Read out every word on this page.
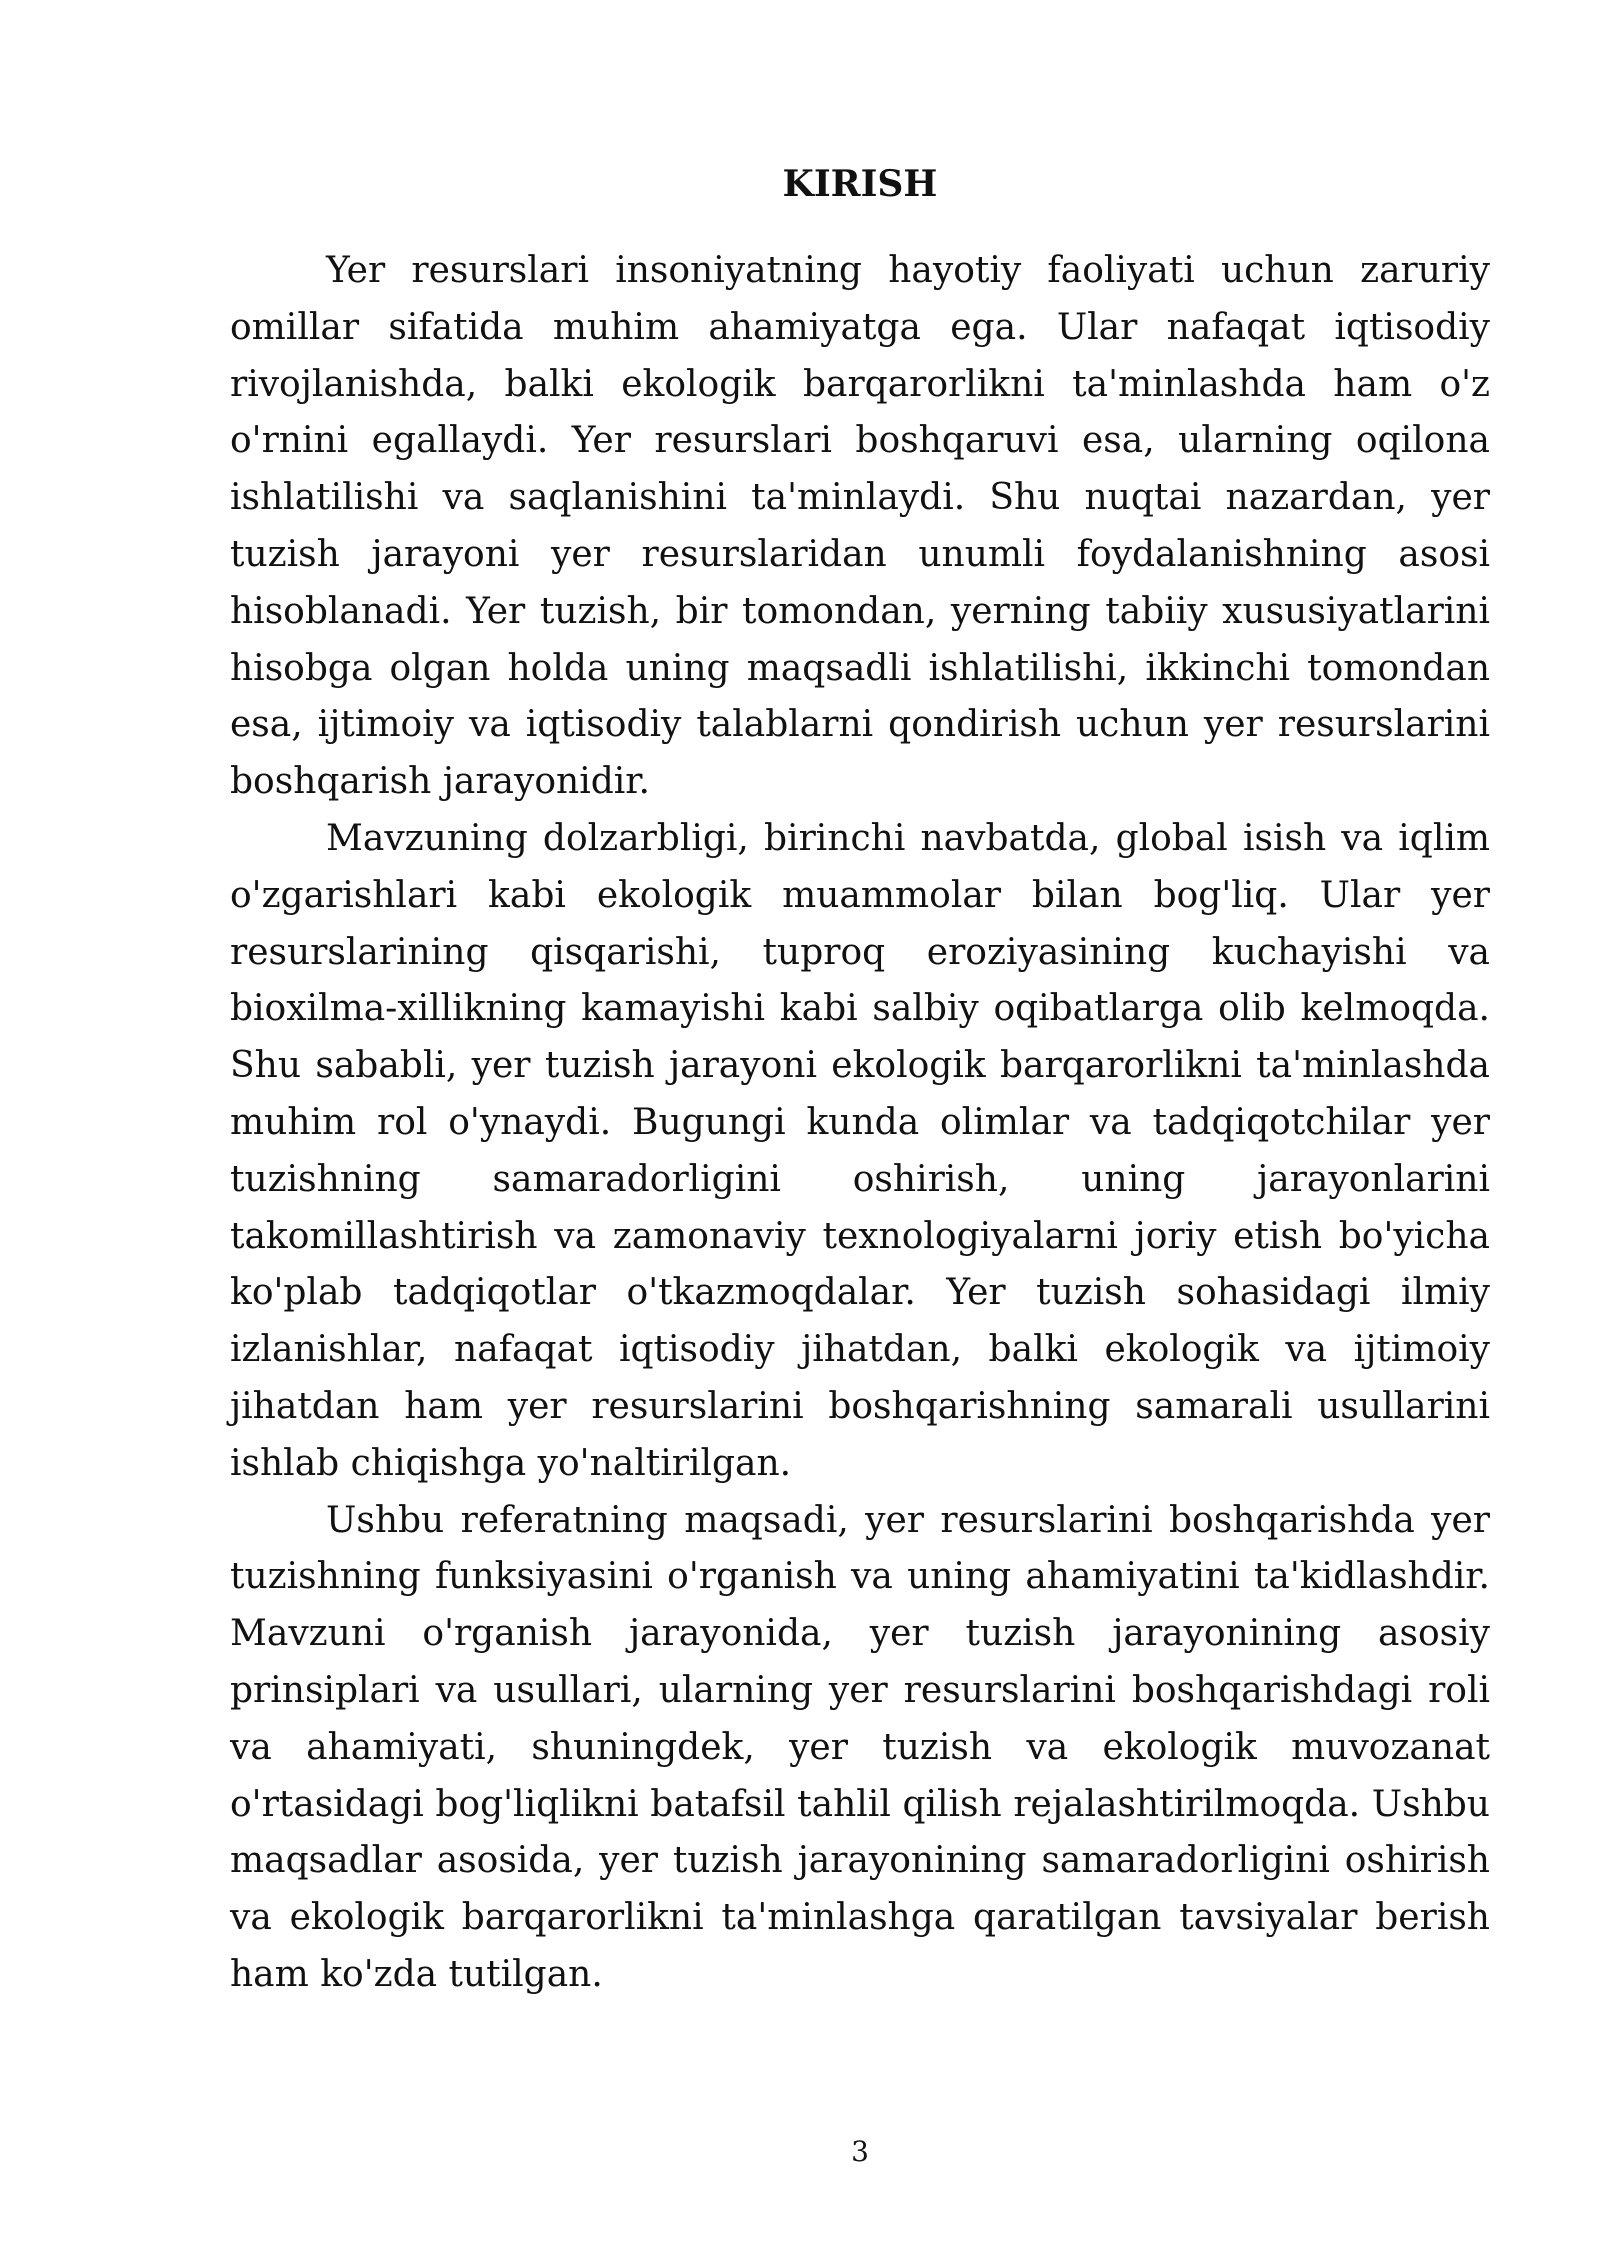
KIRISH

Yer resurslari insoniyatning hayotiy faoliyati uchun zaruriy omillar sifatida muhim ahamiyatga ega. Ular nafaqat iqtisodiy rivojlanishda, balki ekologik barqarorlikni ta'minlashda ham o'z o'rnini egallaydi. Yer resurslari boshqaruvi esa, ularning oqilona ishlatilishi va saqlanishini ta'minlaydi. Shu nuqtai nazardan, yer tuzish jarayoni yer resurslaridan unumli foydalanishning asosi hisoblanadi. Yer tuzish, bir tomondan, yerning tabiiy xususiyatlarini hisobga olgan holda uning maqsadli ishlatilishi, ikkinchi tomondan esa, ijtimoiy va iqtisodiy talablarni qondirish uchun yer resurslarini boshqarish jarayonidir.

Mavzuning dolzarbligi, birinchi navbatda, global isish va iqlim o'zgarishlari kabi ekologik muammolar bilan bog'liq. Ular yer resurslarining qisqarishi, tuproq eroziyasining kuchayishi va bioxilma-xillikning kamayishi kabi salbiy oqibatlarga olib kelmoqda. Shu sababli, yer tuzish jarayoni ekologik barqarorlikni ta'minlashda muhim rol o'ynaydi. Bugungi kunda olimlar va tadqiqotchilar yer tuzishning samaradorligini oshirish, uning jarayonlarini takomillashtirish va zamonaviy texnologiyalarni joriy etish bo'yicha ko'plab tadqiqotlar o'tkazmoqdalar. Yer tuzish sohasidagi ilmiy izlanishlar, nafaqat iqtisodiy jihatdan, balki ekologik va ijtimoiy jihatdan ham yer resurslarini boshqarishning samarali usullarini ishlab chiqishga yo'naltirilgan.

Ushbu referatning maqsadi, yer resurslarini boshqarishda yer tuzishning funksiyasini o'rganish va uning ahamiyatini ta'kidlashdir. Mavzuni o'rganish jarayonida, yer tuzish jarayonining asosiy prinsiplari va usullari, ularning yer resurslarini boshqarishdagi roli va ahamiyati, shuningdek, yer tuzish va ekologik muvozanat o'rtasidagi bog'liqlikni batafsil tahlil qilish rejalashtirilmoqda. Ushbu maqsadlar asosida, yer tuzish jarayonining samaradorligini oshirish va ekologik barqarorlikni ta'minlashga qaratilgan tavsiyalar berish ham ko'zda tutilgan.

3
